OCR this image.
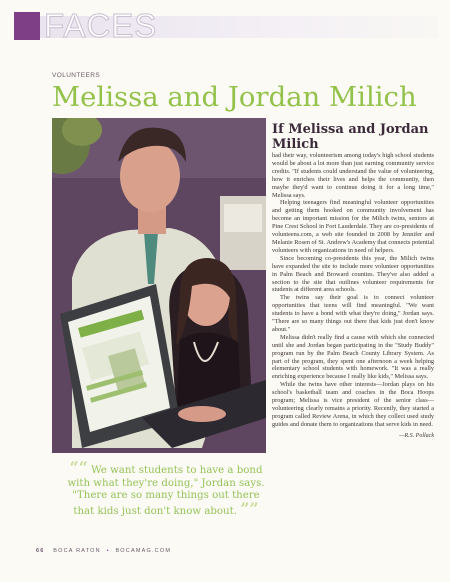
FACES
VOLUNTEERS
Melissa and Jordan Milich
If Melissa and Jordan Milich

had their way, volunteerism among today's high school students would be about a lot more than just earning community service credits. "If students could understand the value of volunteering, how it enriches their lives and helps the community, then maybe they'd want to continue doing it for a long time," Melissa says.

Helping teenagers find meaningful volunteer opportunities and getting them hooked on community involvement has become an important mission for the Milich twins, seniors at Pine Crest School in Fort Lauderdale. They are co-presidents of volunteens.com, a web site founded in 2008 by Jennifer and Melanie Rosen of St. Andrew's Academy that connects potential volunteers with organizations in need of helpers.

Since becoming co-presidents this year, the Milich twins have expanded the site to include more volunteer opportunities in Palm Beach and Broward counties. They've also added a section to the site that outlines volunteer requirements for students at different area schools.

The twins say their goal is to connect volunteer opportunities that teens will find meaningful. "We want students to have a bond with what they're doing," Jordan says. "There are so many things out there that kids just don't know about."

Melissa didn't really find a cause with which she connected until she and Jordan began participating in the "Study Buddy" program run by the Palm Beach County Library System. As part of the program, they spent one afternoon a week helping elementary school students with homework. "It was a really enriching experience because I really like kids," Melissa says.

While the twins have other interests—Jordan plays on his school's basketball team and coaches in the Boca Hoops program; Melissa is vice president of the senior class—volunteering clearly remains a priority. Recently, they started a program called Review Arena, in which they collect used study guides and donate them to organizations that serve kids in need.

—R.S. Pollack
““ We want students to have a bond with what they're doing," Jordan says. "There are so many things out there that kids just don't know about. ””
66 BOCA RATON • BOCAMAG.COM
